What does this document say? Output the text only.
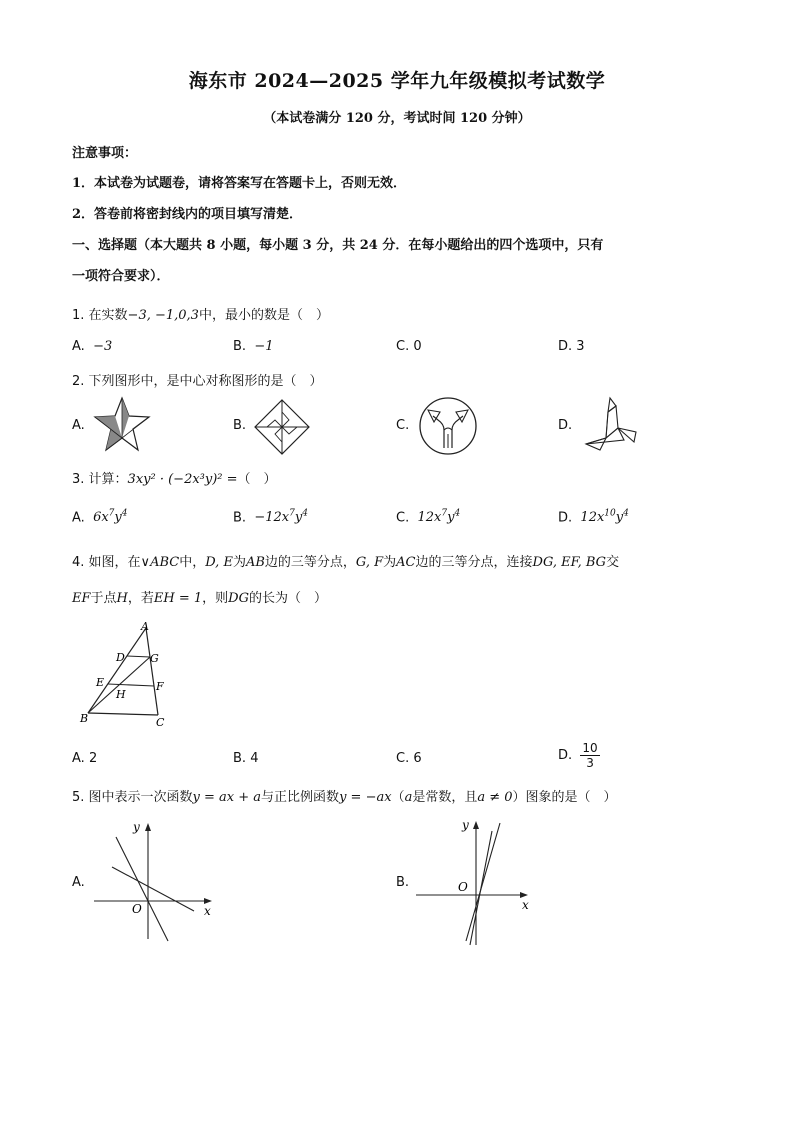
海东市 2024—2025 学年九年级模拟考试数学
（本试卷满分 120 分，考试时间 120 分钟）
注意事项：
1．本试卷为试题卷，请将答案写在答题卡上，否则无效．
2．答卷前将密封线内的项目填写清楚．
一、选择题（本大题共 8 小题，每小题 3 分，共 24 分．在每小题给出的四个选项中，只有
一项符合要求）．
1. 在实数−3, −1,0,3中，最小的数是（　）
A. −3	B. −1	C. 0	D. 3
2. 下列图形中，是中心对称图形的是（　）
A.	B.	C.	D.
3. 计算：3xy² · (−2x³y)² =（　）
A. $6x^7y^4$	B. $-12x^7y^4$	C. $12x^7y^4$	D. $12x^{10}y^4$
4. 如图，在∨ABC中，D, E为AB边的三等分点，G, F为AC边的三等分点，连接DG, EF, BG交
EF于点H，若EH = 1，则DG的长为（　）
A
D G
E
H
F
B	C
A. 2	B. 4	C. 6	D. $\frac{10}{3}$
5. 图中表示一次函数y = ax + a与正比例函数y = −ax（a是常数，且a ≠ 0）图象的是（　）
A.
y
x
O
B.
y
x
O
